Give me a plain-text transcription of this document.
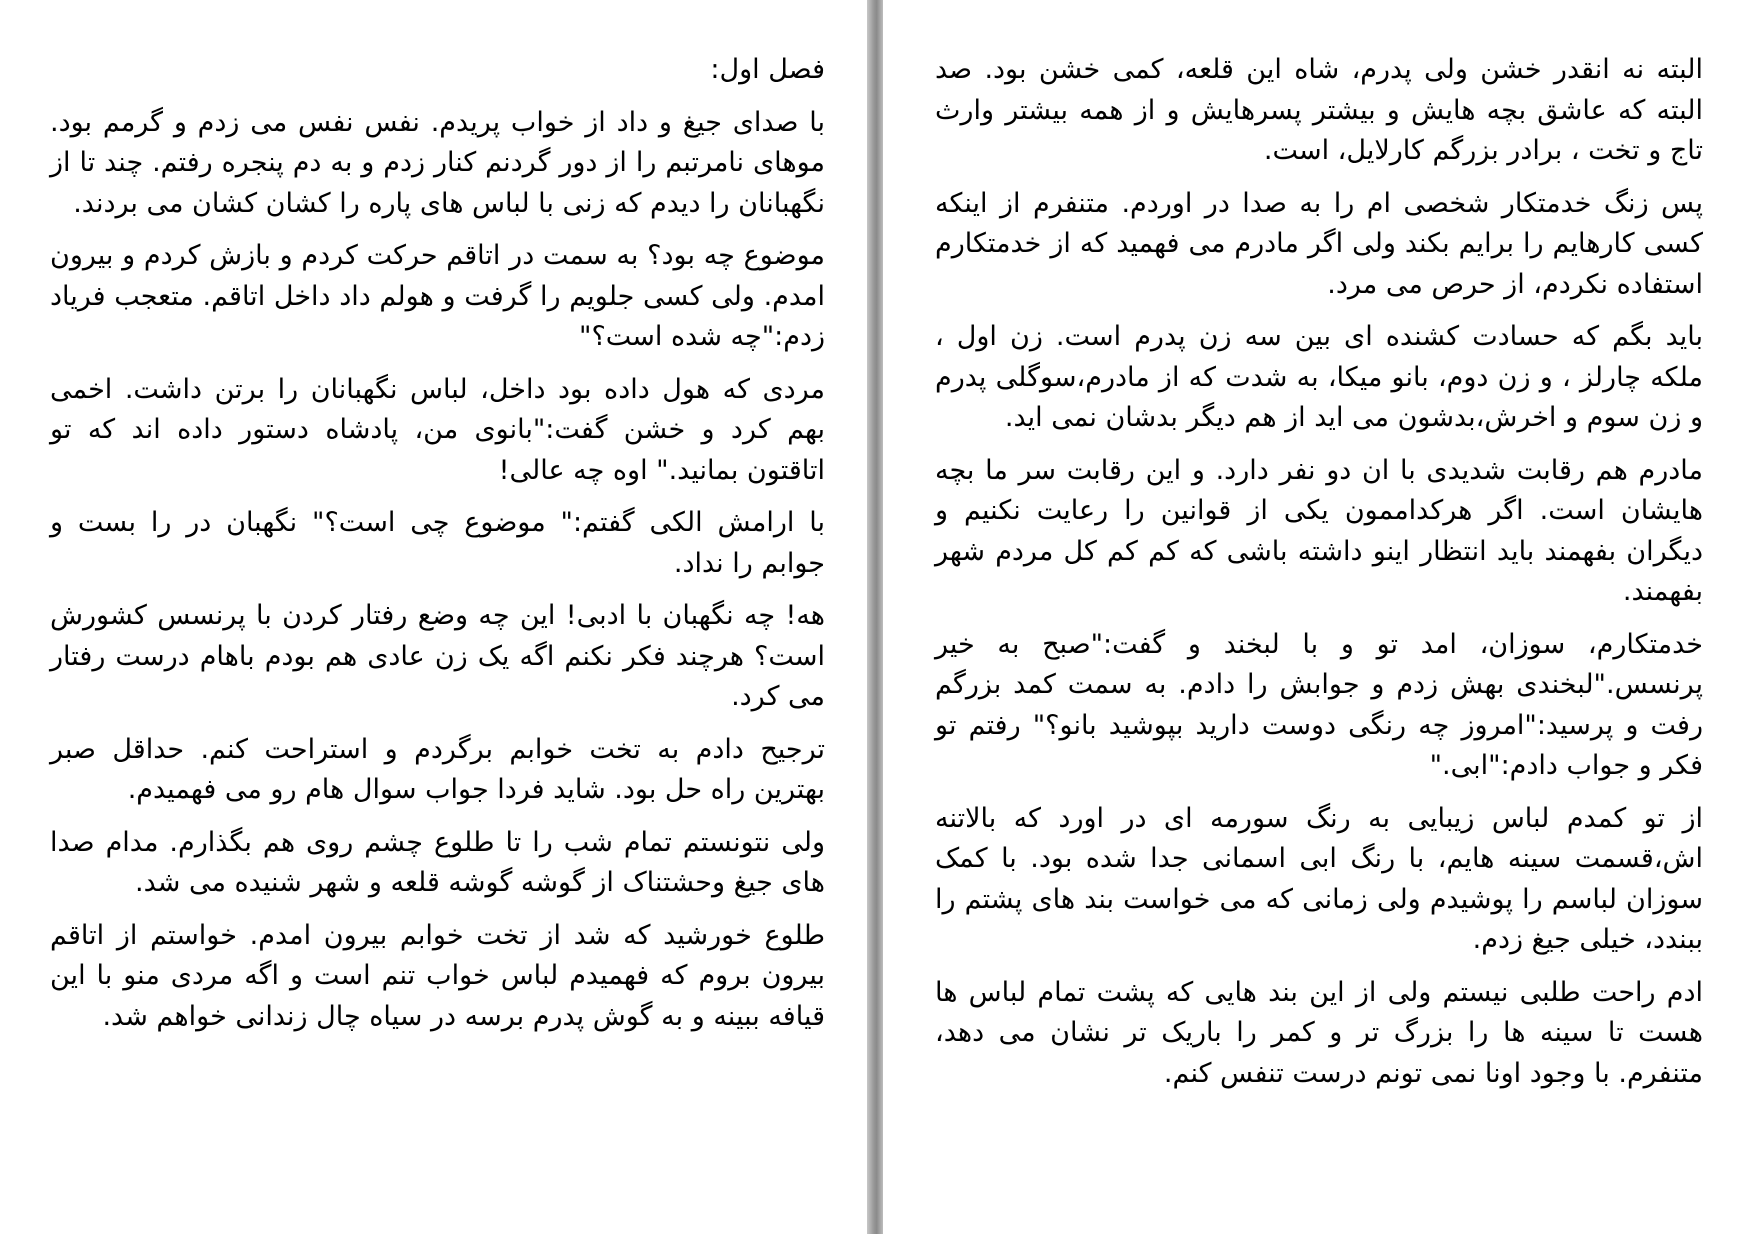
فصل اول:

با صدای جیغ و داد از خواب پریدم. نفس نفس می زدم و گرمم بود. موهای نامرتبم را از دور گردنم کنار زدم و به دم پنجره رفتم. چند تا از نگهبانان را دیدم که زنی با لباس های پاره را کشان کشان می بردند.

موضوع چه بود؟ به سمت در اتاقم حرکت کردم و بازش کردم و بیرون امدم. ولی کسی جلویم را گرفت و هولم داد داخل اتاقم. متعجب فریاد زدم:"چه شده است؟"

مردی که هول داده بود داخل، لباس نگهبانان را برتن داشت. اخمی بهم کرد و خشن گفت:"بانوی من، پادشاه دستور داده اند که تو اتاقتون بمانید." اوه چه عالی!

با ارامش الکی گفتم:" موضوع چی است؟" نگهبان در را بست و جوابم را نداد.

هه! چه نگهبان با ادبی! این چه وضع رفتار کردن با پرنسس کشورش است؟ هرچند فکر نکنم اگه یک زن عادی هم بودم باهام درست رفتار می کرد.

ترجیح دادم به تخت خوابم برگردم و استراحت کنم. حداقل صبر بهترین راه حل بود. شاید فردا جواب سوال هام رو می فهمیدم.

ولی نتونستم تمام شب را تا طلوع چشم روی هم بگذارم. مدام صدا های جیغ وحشتناک از گوشه گوشه قلعه و شهر شنیده می شد.

طلوع خورشید که شد از تخت خوابم بیرون امدم. خواستم از اتاقم بیرون بروم که فهمیدم لباس خواب تنم است و اگه مردی منو با این قیافه ببینه و به گوش پدرم برسه در سیاه چال زندانی خواهم شد.

البته نه انقدر خشن ولی پدرم، شاه این قلعه، کمی خشن بود. صد البته که عاشق بچه هایش و بیشتر پسرهایش و از همه بیشتر وارث تاج و تخت ، برادر بزرگم کارلایل، است.

پس زنگ خدمتکار شخصی ام را به صدا در اوردم. متنفرم از اینکه کسی کارهایم را برایم بکند ولی اگر مادرم می فهمید که از خدمتکارم استفاده نکردم، از حرص می مرد.

باید بگم که حسادت کشنده ای بین سه زن پدرم است. زن اول ، ملکه چارلز ، و زن دوم، بانو میکا، به شدت که از مادرم،سوگلی پدرم و زن سوم و اخرش،بدشون می اید از هم دیگر بدشان نمی اید.

مادرم هم رقابت شدیدی با ان دو نفر دارد. و این رقابت سر ما بچه هایشان است. اگر هرکداممون یکی از قوانین را رعایت نکنیم و دیگران بفهمند باید انتظار اینو داشته باشی که کم کم کل مردم شهر بفهمند.

خدمتکارم، سوزان، امد تو و با لبخند و گفت:"صبح به خیر پرنسس."لبخندی بهش زدم و جوابش را دادم. به سمت کمد بزرگم رفت و پرسید:"امروز چه رنگی دوست دارید بپوشید بانو؟" رفتم تو فکر و جواب دادم:"ابی."

از تو کمدم لباس زیبایی به رنگ سورمه ای در اورد که بالاتنه اش،قسمت سینه هایم، با رنگ ابی اسمانی جدا شده بود. با کمک سوزان لباسم را پوشیدم ولی زمانی که می خواست بند های پشتم را ببندد، خیلی جیغ زدم.

ادم راحت طلبی نیستم ولی از این بند هایی که پشت تمام لباس ها هست تا سینه ها را بزرگ تر و کمر را باریک تر نشان می دهد، متنفرم. با وجود اونا نمی تونم درست تنفس کنم.
